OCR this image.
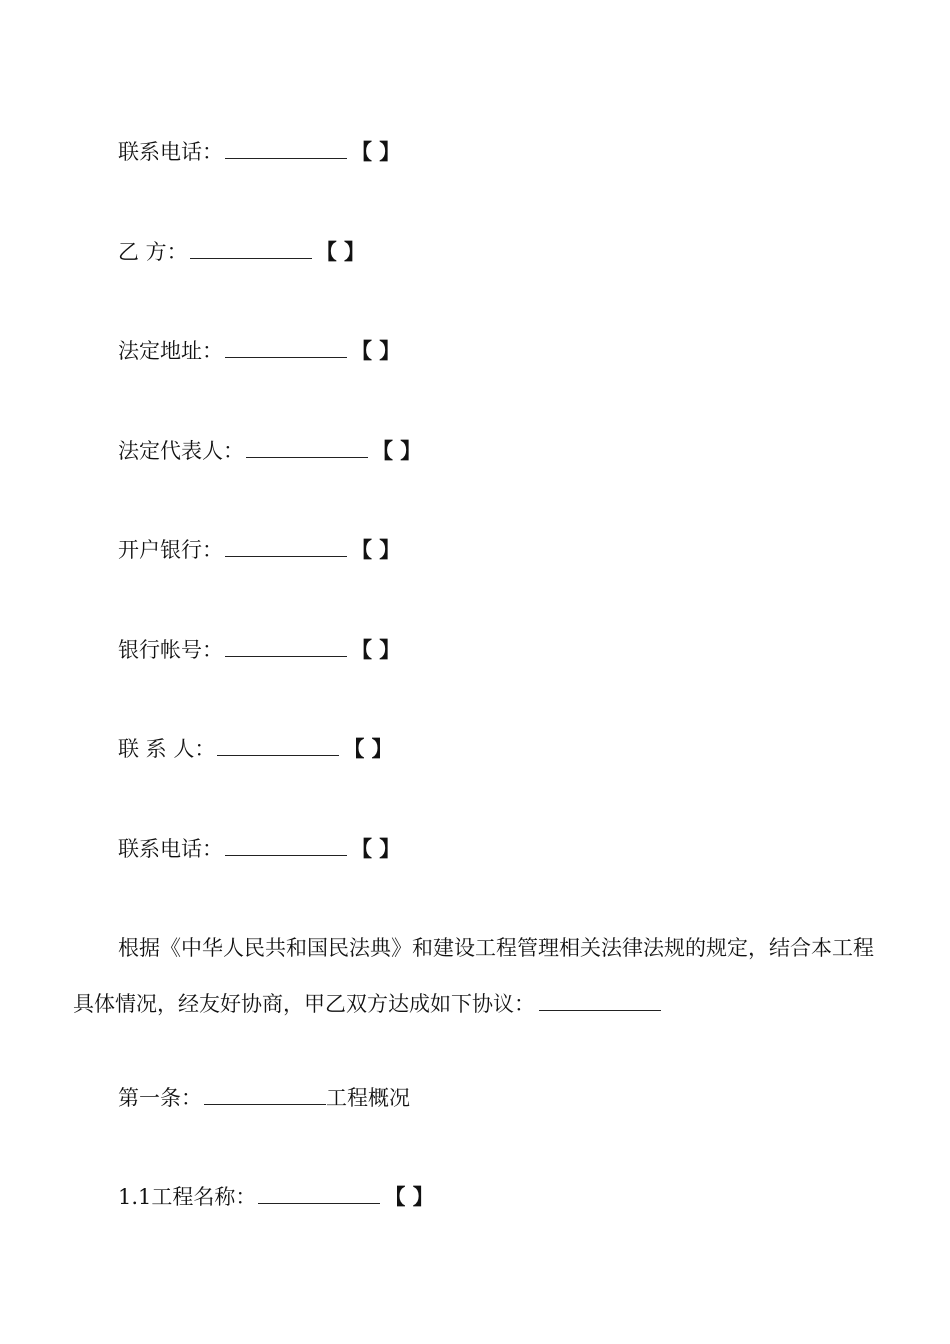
联系电话：	【 】
乙 方：	【 】
法定地址：	【 】
法定代表人：	【 】
开户银行：	【 】
银行帐号：	【 】
联 系 人：	【 】
联系电话：	【 】
根据《中华人民共和国民法典》和建设工程管理相关法律法规的规定，结合本工程具体情况，经友好协商，甲乙双方达成如下协议：
第一条：	工程概况
1.1工程名称：	【 】
